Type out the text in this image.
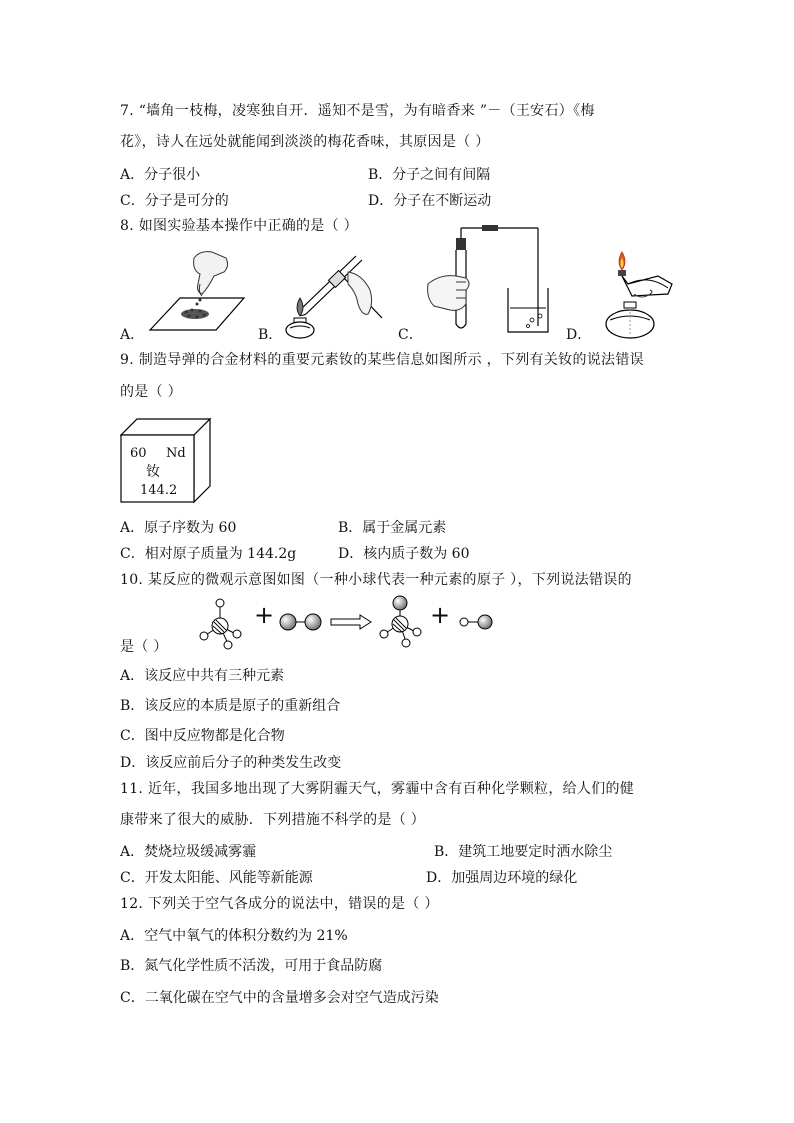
7. “墙角一枝梅，凌寒独自开．遥知不是雪，为有暗香来 ”－（王安石）《梅
花》，诗人在远处就能闻到淡淡的梅花香味，其原因是（ ）
A．分子很小	B．分子之间有间隔
C．分子是可分的	D．分子在不断运动
8. 如图实验基本操作中正确的是（ ）
A．	B．	C．	D．
9. 制造导弹的合金材料的重要元素钕的某些信息如图所示 ，下列有关钕的说法错误
的是（ ）
60 Nd
钕
144.2
A．原子序数为 60	B．属于金属元素
C．相对原子质量为 144.2g	D．核内质子数为 60
10. 某反应的微观示意图如图（一种小球代表一种元素的原子 ），下列说法错误的
+	+
是（ ）
A．该反应中共有三种元素
B．该反应的本质是原子的重新组合
C．图中反应物都是化合物
D．该反应前后分子的种类发生改变
11. 近年，我国多地出现了大雾阴霾天气，雾霾中含有百种化学颗粒，给人们的健
康带来了很大的威胁．下列措施不科学的是（ ）
A．焚烧垃圾缓减雾霾	B．建筑工地要定时洒水除尘
C．开发太阳能、风能等新能源	D．加强周边环境的绿化
12. 下列关于空气各成分的说法中，错误的是（ ）
A．空气中氧气的体积分数约为 21%
B．氮气化学性质不活泼，可用于食品防腐
C．二氧化碳在空气中的含量增多会对空气造成污染
